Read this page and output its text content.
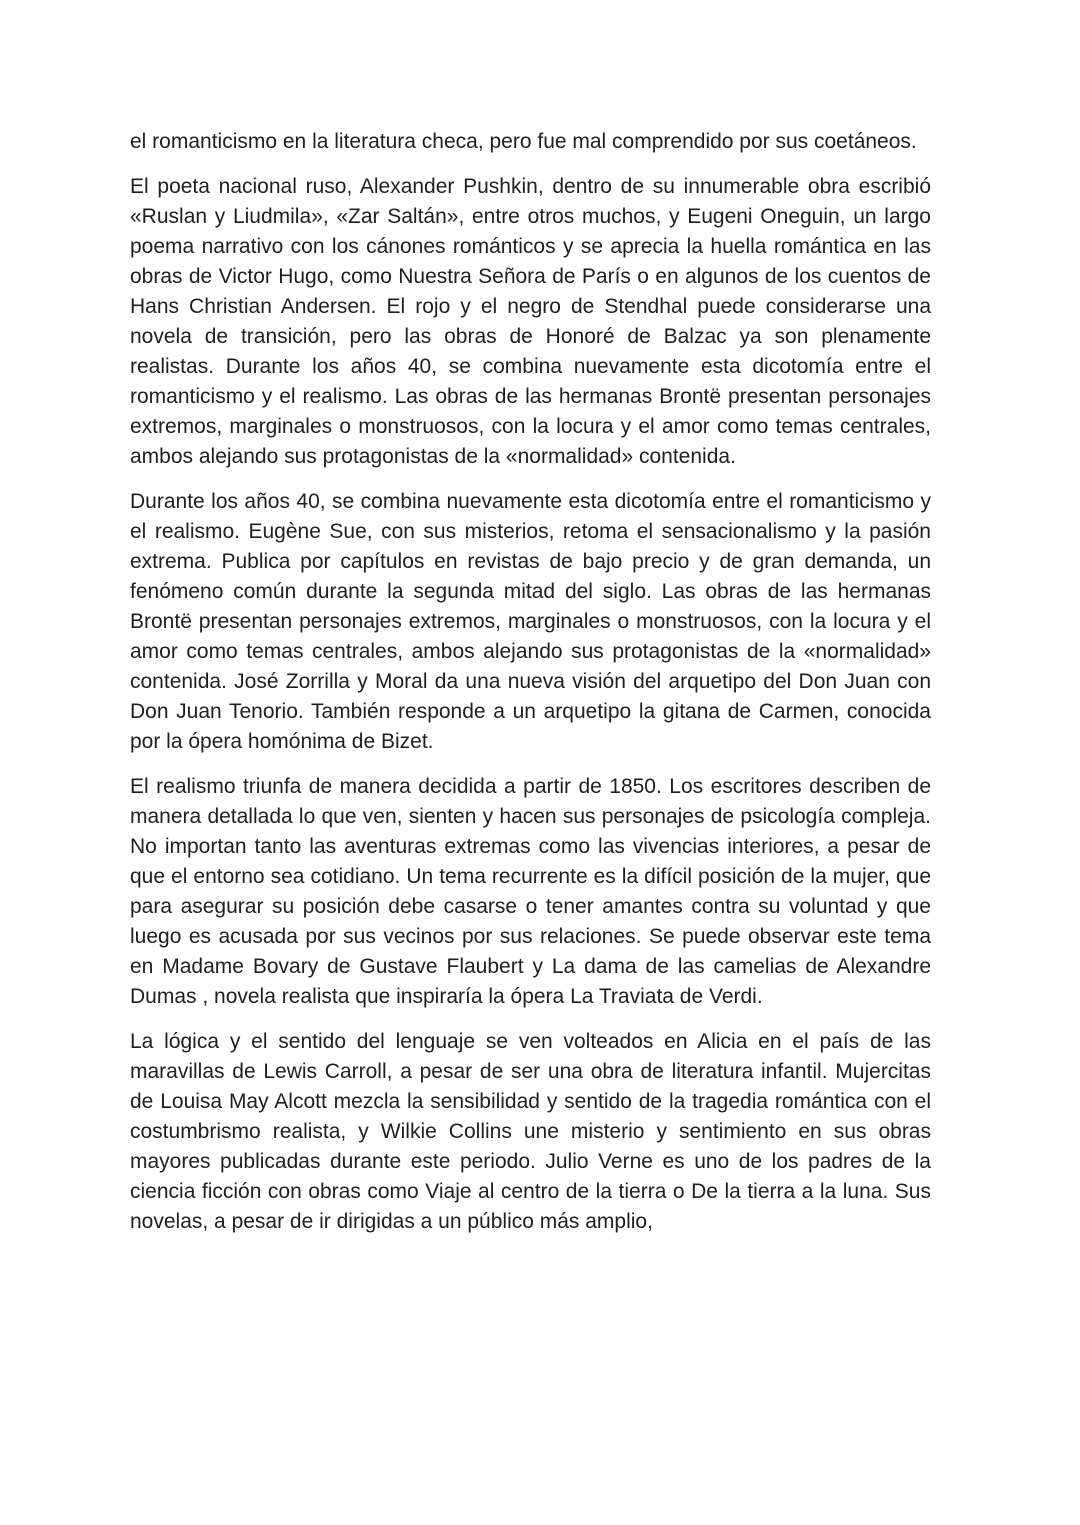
el romanticismo en la literatura checa, pero fue mal comprendido por sus coetáneos.

El poeta nacional ruso, Alexander Pushkin, dentro de su innumerable obra escribió «Ruslan y Liudmila», «Zar Saltán», entre otros muchos, y Eugeni Oneguin, un largo poema narrativo con los cánones románticos y se aprecia la huella romántica en las obras de Victor Hugo, como Nuestra Señora de París o en algunos de los cuentos de Hans Christian Andersen. El rojo y el negro de Stendhal puede considerarse una novela de transición, pero las obras de Honoré de Balzac ya son plenamente realistas. Durante los años 40, se combina nuevamente esta dicotomía entre el romanticismo y el realismo. Las obras de las hermanas Brontë presentan personajes extremos, marginales o monstruosos, con la locura y el amor como temas centrales, ambos alejando sus protagonistas de la «normalidad» contenida.

Durante los años 40, se combina nuevamente esta dicotomía entre el romanticismo y el realismo. Eugène Sue, con sus misterios, retoma el sensacionalismo y la pasión extrema. Publica por capítulos en revistas de bajo precio y de gran demanda, un fenómeno común durante la segunda mitad del siglo. Las obras de las hermanas Brontë presentan personajes extremos, marginales o monstruosos, con la locura y el amor como temas centrales, ambos alejando sus protagonistas de la «normalidad» contenida. José Zorrilla y Moral da una nueva visión del arquetipo del Don Juan con Don Juan Tenorio. También responde a un arquetipo la gitana de Carmen, conocida por la ópera homónima de Bizet.

El realismo triunfa de manera decidida a partir de 1850. Los escritores describen de manera detallada lo que ven, sienten y hacen sus personajes de psicología compleja. No importan tanto las aventuras extremas como las vivencias interiores, a pesar de que el entorno sea cotidiano. Un tema recurrente es la difícil posición de la mujer, que para asegurar su posición debe casarse o tener amantes contra su voluntad y que luego es acusada por sus vecinos por sus relaciones. Se puede observar este tema en Madame Bovary de Gustave Flaubert y La dama de las camelias de Alexandre Dumas , novela realista que inspiraría la ópera La Traviata de Verdi.

La lógica y el sentido del lenguaje se ven volteados en Alicia en el país de las maravillas de Lewis Carroll, a pesar de ser una obra de literatura infantil. Mujercitas de Louisa May Alcott mezcla la sensibilidad y sentido de la tragedia romántica con el costumbrismo realista, y Wilkie Collins une misterio y sentimiento en sus obras mayores publicadas durante este periodo. Julio Verne es uno de los padres de la ciencia ficción con obras como Viaje al centro de la tierra o De la tierra a la luna. Sus novelas, a pesar de ir dirigidas a un público más amplio,
